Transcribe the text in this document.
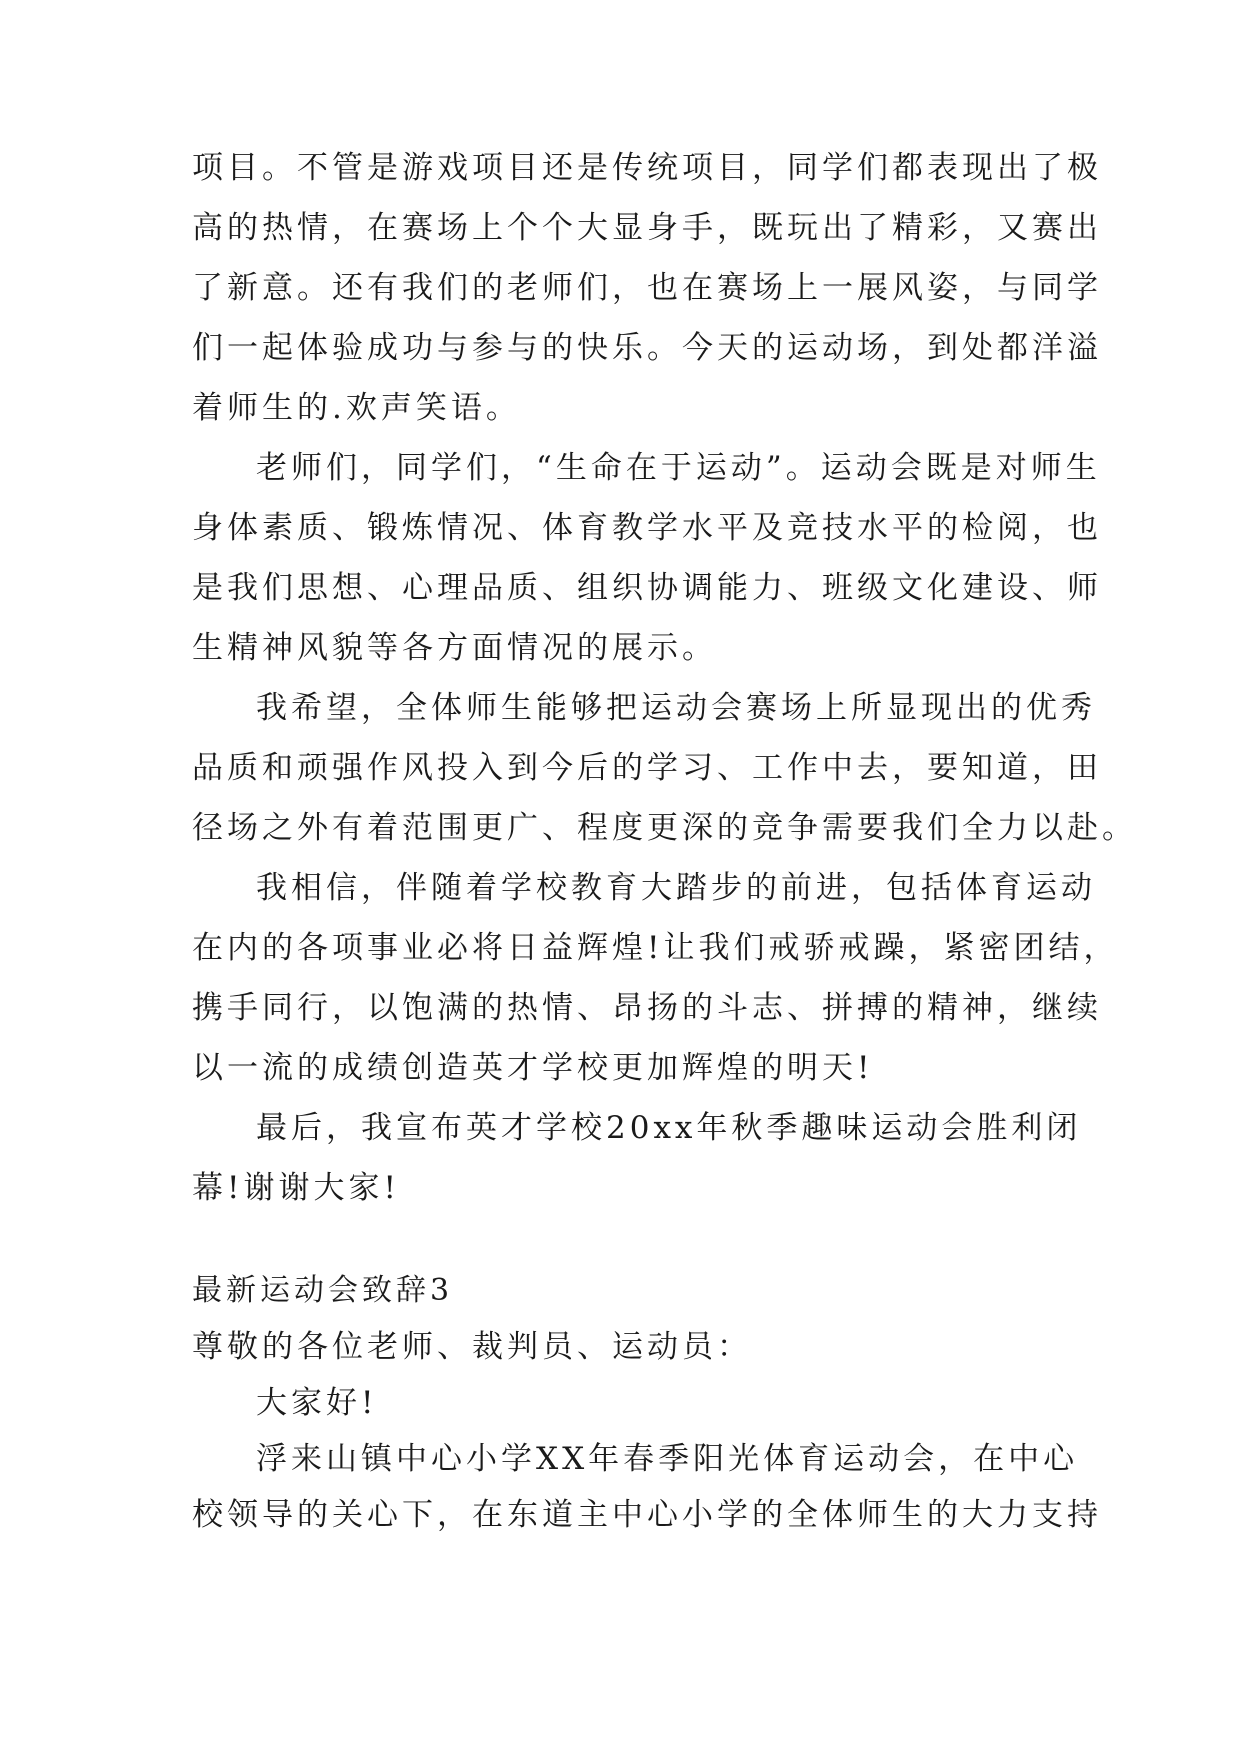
项目。不管是游戏项目还是传统项目，同学们都表现出了极
高的热情，在赛场上个个大显身手，既玩出了精彩，又赛出
了新意。还有我们的老师们，也在赛场上一展风姿，与同学
们一起体验成功与参与的快乐。今天的运动场，到处都洋溢
着师生的.欢声笑语。
老师们，同学们，“生命在于运动”。运动会既是对师生
身体素质、锻炼情况、体育教学水平及竞技水平的检阅，也
是我们思想、心理品质、组织协调能力、班级文化建设、师
生精神风貌等各方面情况的展示。
我希望，全体师生能够把运动会赛场上所显现出的优秀
品质和顽强作风投入到今后的学习、工作中去，要知道，田
径场之外有着范围更广、程度更深的竞争需要我们全力以赴。
我相信，伴随着学校教育大踏步的前进，包括体育运动
在内的各项事业必将日益辉煌!让我们戒骄戒躁，紧密团结，
携手同行，以饱满的热情、昂扬的斗志、拼搏的精神，继续
以一流的成绩创造英才学校更加辉煌的明天!
最后，我宣布英才学校20xx年秋季趣味运动会胜利闭
幕!谢谢大家!
最新运动会致辞3
尊敬的各位老师、裁判员、运动员：
大家好!
浮来山镇中心小学XX年春季阳光体育运动会，在中心
校领导的关心下，在东道主中心小学的全体师生的大力支持
